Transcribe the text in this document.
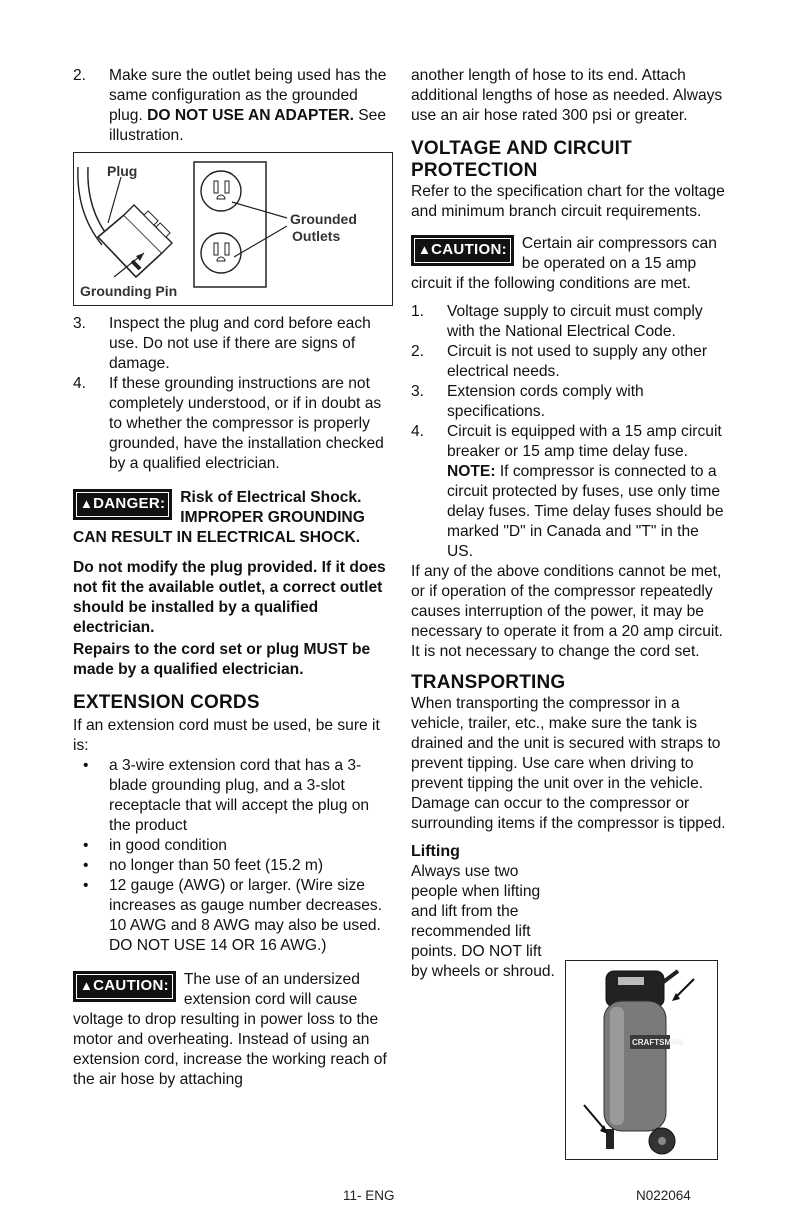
2. Make sure the outlet being used has the same configuration as the grounded plug. DO NOT USE AN ADAPTER. See illustration.
Plug
Grounded
Outlets
Grounding Pin
3. Inspect the plug and cord before each use. Do not use if there are signs of damage.
4. If these grounding instructions are not completely understood, or if in doubt as to whether the compressor is properly grounded, have the installation checked by a qualified electrician.
▲DANGER: Risk of Electrical Shock. IMPROPER GROUNDING CAN RESULT IN ELECTRICAL SHOCK.

Do not modify the plug provided. If it does not fit the available outlet, a correct outlet should be installed by a qualified electrician.

Repairs to the cord set or plug MUST be made by a qualified electrician.

EXTENSION CORDS

If an extension cord must be used, be sure it is:

• a 3-wire extension cord that has a 3-blade grounding plug, and a 3-slot receptacle that will accept the plug on the product
• in good condition
• no longer than 50 feet (15.2 m)
• 12 gauge (AWG) or larger. (Wire size increases as gauge number decreases. 10 AWG and 8 AWG may also be used. DO NOT USE 14 OR 16 AWG.)
▲CAUTION: The use of an undersized extension cord will cause voltage to drop resulting in power loss to the motor and overheating. Instead of using an extension cord, increase the working reach of the air hose by attaching

another length of hose to its end. Attach additional lengths of hose as needed. Always use an air hose rated 300 psi or greater.

VOLTAGE AND CIRCUIT PROTECTION

Refer to the specification chart for the voltage and minimum branch circuit requirements.

▲CAUTION: Certain air compressors can be operated on a 15 amp circuit if the following conditions are met.

1. Voltage supply to circuit must comply with the National Electrical Code.
2. Circuit is not used to supply any other electrical needs.
3. Extension cords comply with specifications.
4. Circuit is equipped with a 15 amp circuit breaker or 15 amp time delay fuse. NOTE: If compressor is connected to a circuit protected by fuses, use only time delay fuses. Time delay fuses should be marked "D" in Canada and "T" in the US.

If any of the above conditions cannot be met, or if operation of the compressor repeatedly causes interruption of the power, it may be necessary to operate it from a 20 amp circuit. It is not necessary to change the cord set.

TRANSPORTING

When transporting the compressor in a vehicle, trailer, etc., make sure the tank is drained and the unit is secured with straps to prevent tipping. Use care when driving to prevent tipping the unit over in the vehicle. Damage can occur to the compressor or surrounding items if the compressor is tipped.

Lifting

Always use two people when lifting and lift from the recommended lift points. DO NOT lift by wheels or shroud.

CRAFTSMAN
11- ENG	N022064
